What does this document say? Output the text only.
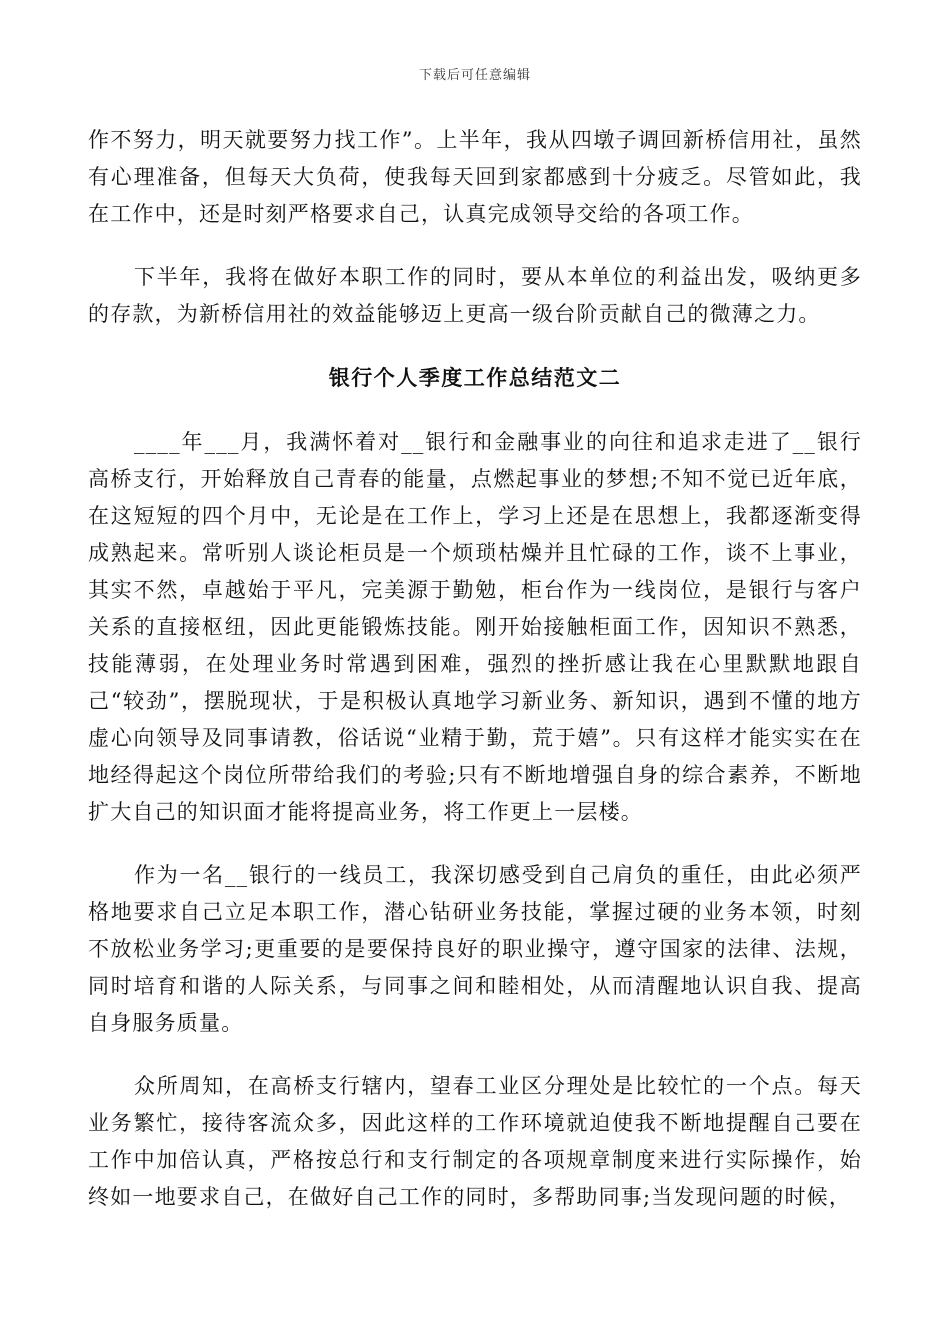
下载后可任意编辑

作不努力，明天就要努力找工作”。上半年，我从四墩子调回新桥信用社，虽然有心理准备，但每天大负荷，使我每天回到家都感到十分疲乏。尽管如此，我在工作中，还是时刻严格要求自己，认真完成领导交给的各项工作。

下半年，我将在做好本职工作的同时，要从本单位的利益出发，吸纳更多的存款，为新桥信用社的效益能够迈上更高一级台阶贡献自己的微薄之力。

银行个人季度工作总结范文二

____年___月，我满怀着对__银行和金融事业的向往和追求走进了__银行高桥支行，开始释放自己青春的能量，点燃起事业的梦想;不知不觉已近年底，在这短短的四个月中，无论是在工作上，学习上还是在思想上，我都逐渐变得成熟起来。常听别人谈论柜员是一个烦琐枯燥并且忙碌的工作，谈不上事业，其实不然，卓越始于平凡，完美源于勤勉，柜台作为一线岗位，是银行与客户关系的直接枢纽，因此更能锻炼技能。刚开始接触柜面工作，因知识不熟悉，技能薄弱，在处理业务时常遇到困难，强烈的挫折感让我在心里默默地跟自己“较劲”，摆脱现状，于是积极认真地学习新业务、新知识，遇到不懂的地方虚心向领导及同事请教，俗话说“业精于勤，荒于嬉”。只有这样才能实实在在地经得起这个岗位所带给我们的考验;只有不断地增强自身的综合素养，不断地扩大自己的知识面才能将提高业务，将工作更上一层楼。

作为一名__银行的一线员工，我深切感受到自己肩负的重任，由此必须严格地要求自己立足本职工作，潜心钻研业务技能，掌握过硬的业务本领，时刻不放松业务学习;更重要的是要保持良好的职业操守，遵守国家的法律、法规，同时培育和谐的人际关系，与同事之间和睦相处，从而清醒地认识自我、提高自身服务质量。

众所周知，在高桥支行辖内，望春工业区分理处是比较忙的一个点。每天业务繁忙，接待客流众多，因此这样的工作环境就迫使我不断地提醒自己要在工作中加倍认真，严格按总行和支行制定的各项规章制度来进行实际操作，始终如一地要求自己，在做好自己工作的同时，多帮助同事;当发现问题的时候，
